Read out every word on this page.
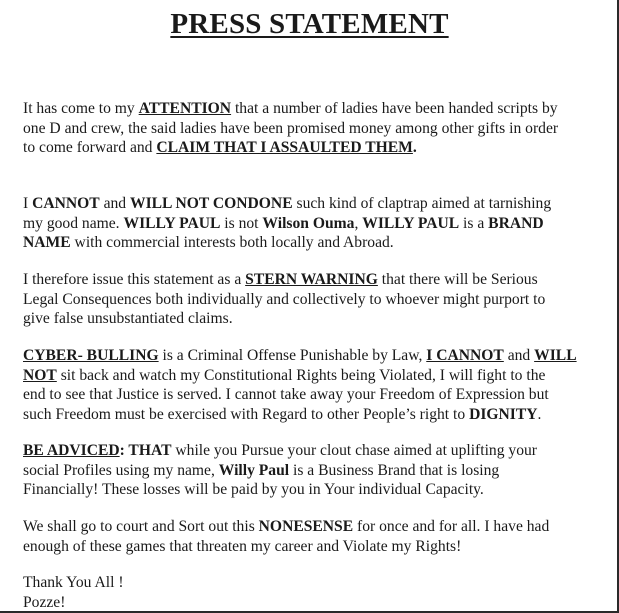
PRESS STATEMENT
It has come to my ATTENTION that a number of ladies have been handed scripts by
one D and crew, the said ladies have been promised money among other gifts in order
to come forward and CLAIM THAT I ASSAULTED THEM.
I CANNOT and WILL NOT CONDONE such kind of claptrap aimed at tarnishing
my good name. WILLY PAUL is not Wilson Ouma, WILLY PAUL is a BRAND
NAME with commercial interests both locally and Abroad.
I therefore issue this statement as a STERN WARNING that there will be Serious
Legal Consequences both individually and collectively to whoever might purport to
give false unsubstantiated claims.
CYBER- BULLING is a Criminal Offense Punishable by Law, I CANNOT and WILL
NOT sit back and watch my Constitutional Rights being Violated, I will fight to the
end to see that Justice is served. I cannot take away your Freedom of Expression but
such Freedom must be exercised with Regard to other People’s right to DIGNITY.
BE ADVICED: THAT while you Pursue your clout chase aimed at uplifting your
social Profiles using my name, Willy Paul is a Business Brand that is losing
Financially! These losses will be paid by you in Your individual Capacity.
We shall go to court and Sort out this NONESENSE for once and for all. I have had
enough of these games that threaten my career and Violate my Rights!
Thank You All !
Pozze!
